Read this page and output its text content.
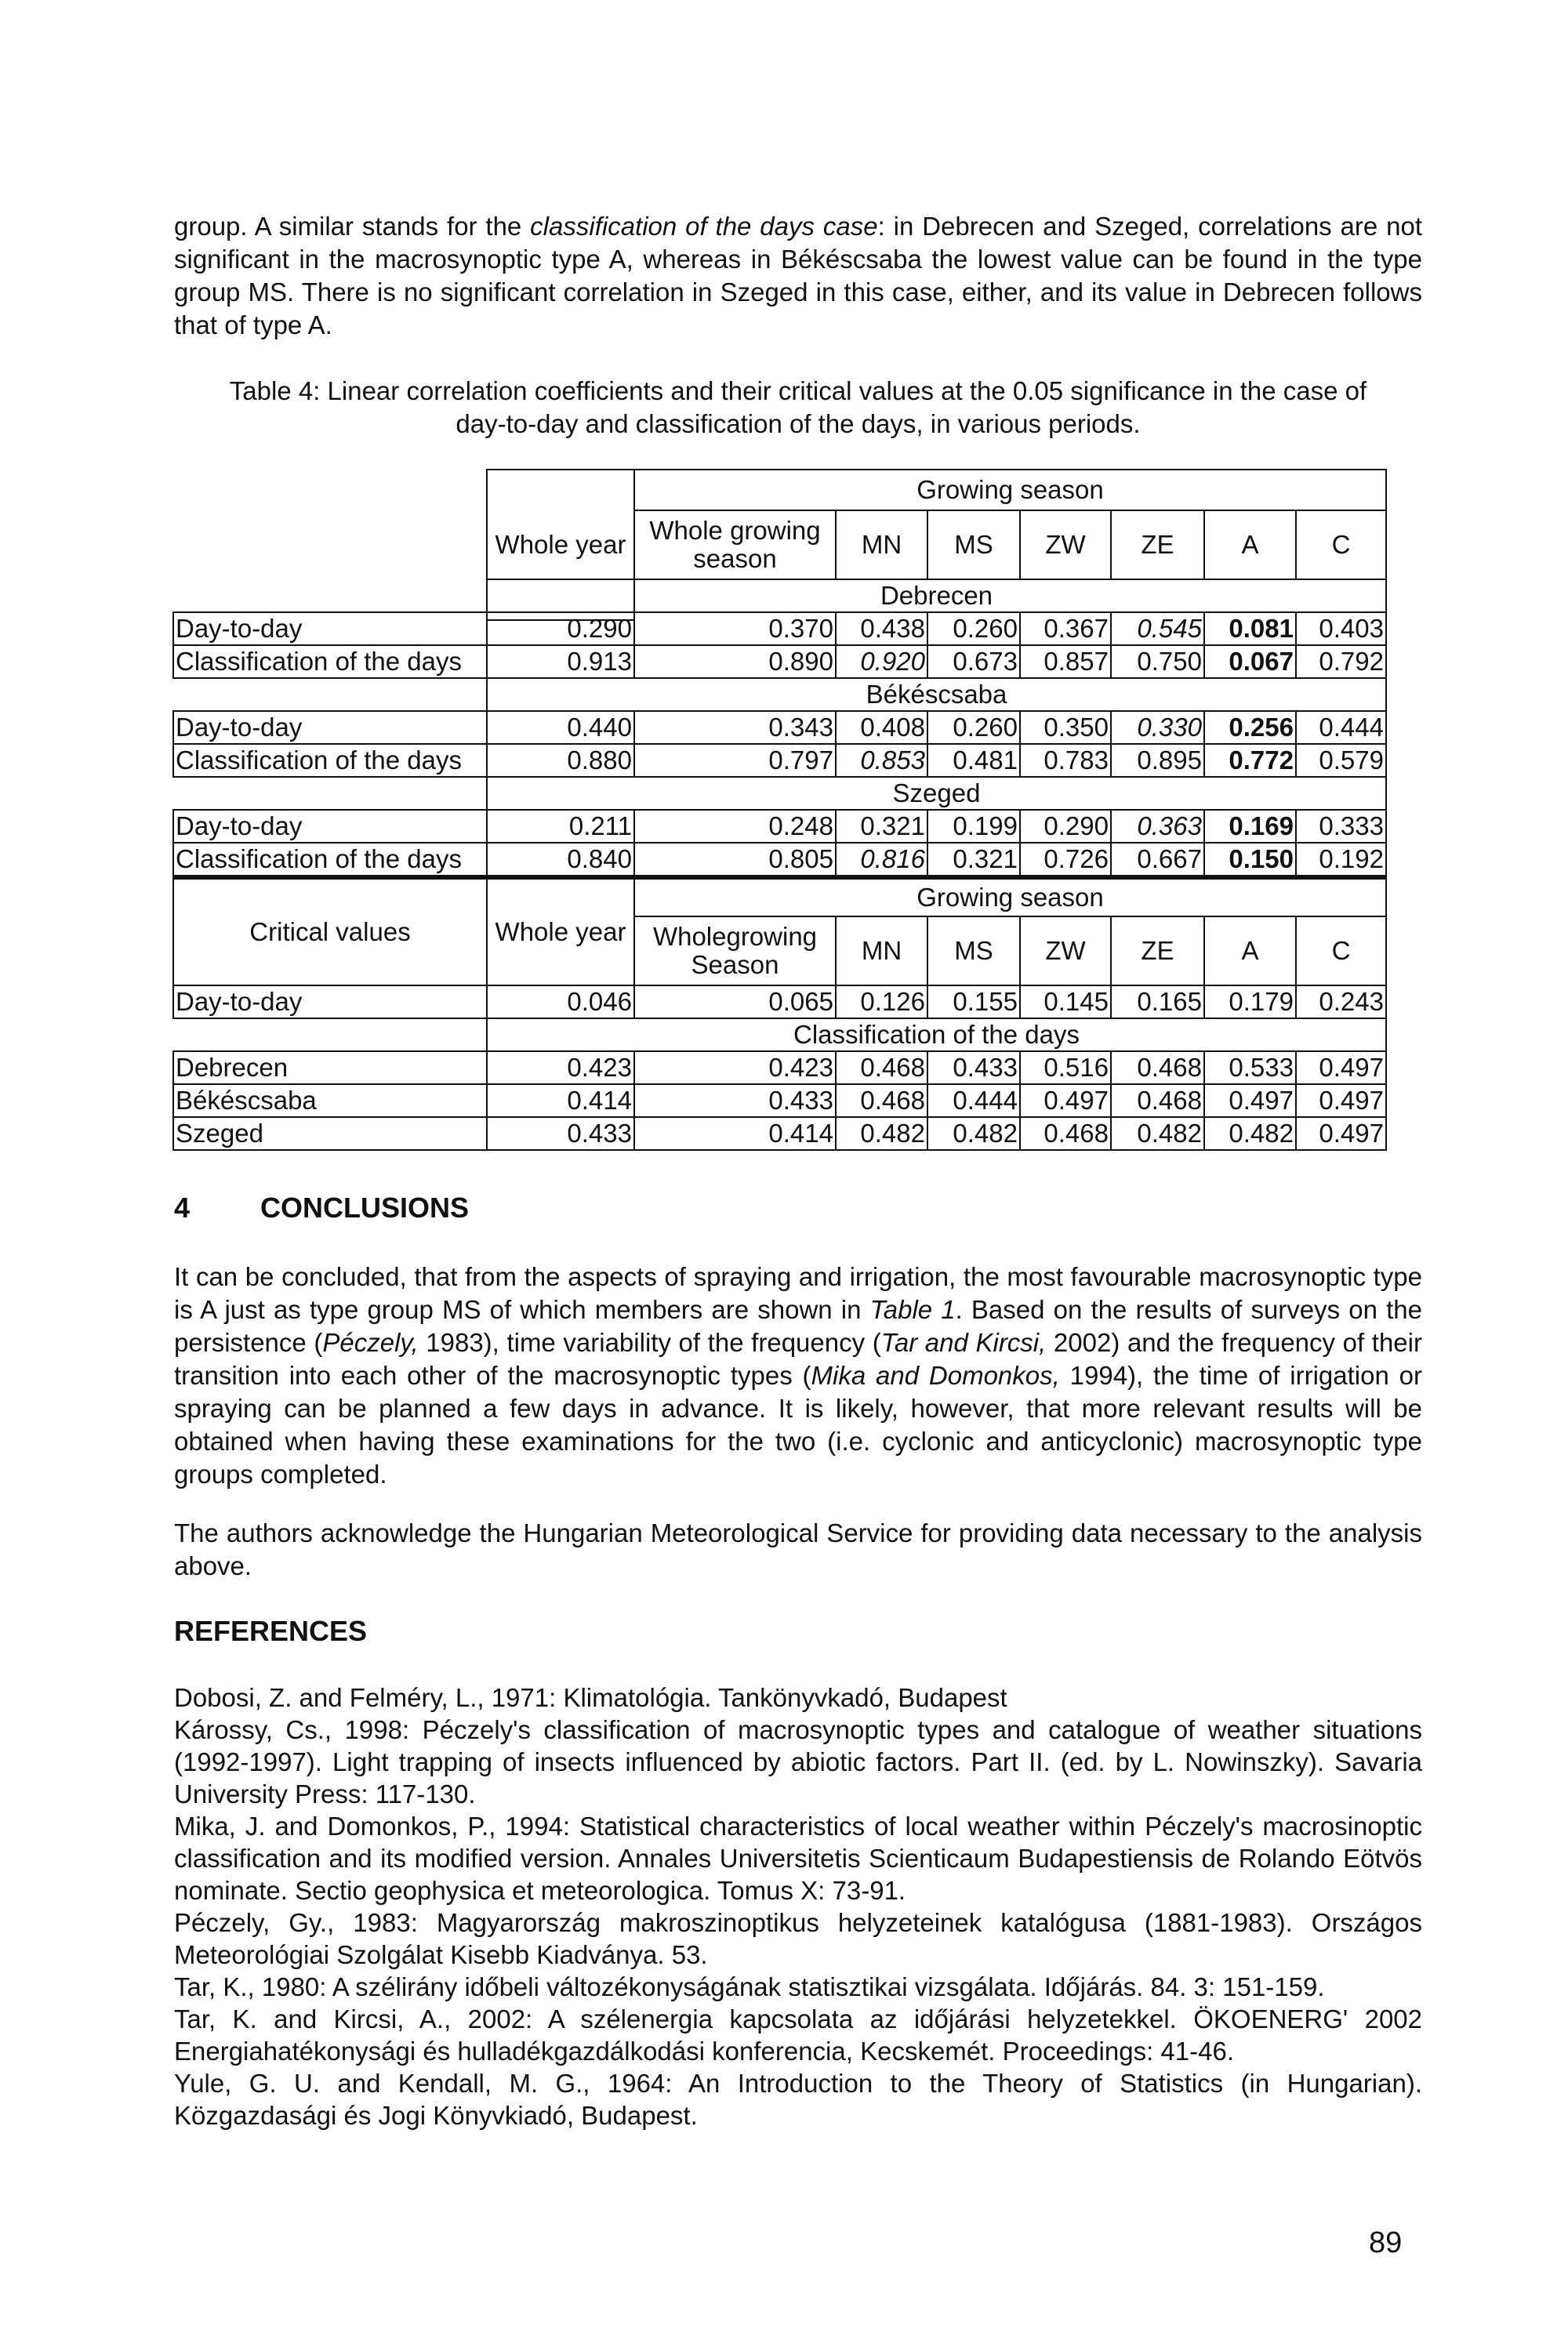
group. A similar stands for the classification of the days case: in Debrecen and Szeged, correlations are not significant in the macrosynoptic type A, whereas in Békéscsaba the lowest value can be found in the type group MS. There is no significant correlation in Szeged in this case, either, and its value in Debrecen follows that of type A.
Table 4: Linear correlation coefficients and their critical values at the 0.05 significance in the case of
day-to-day and classification of the days, in various periods.
Whole year
Growing season
Whole growing season	MN	MS	ZW	ZE	A	C
Debrecen
Day-to-day	0.290	0.370	0.438	0.260	0.367	0.545	0.081 0.403
Classification of the days	0.913	0.890	0.920	0.673	0.857	0.750	0.067 0.792
Békéscsaba
Day-to-day	0.440	0.343	0.408	0.260	0.350	0.330	0.256 0.444
Classification of the days	0.880	0.797	0.853	0.481	0.783	0.895	0.772 0.579
Szeged
Day-to-day	0.211	0.248	0.321	0.199	0.290	0.363	0.169 0.333
Classification of the days	0.840	0.805	0.816	0.321	0.726	0.667	0.150 0.192
Critical values	Whole year
Growing season
Wholegrowing Season	MN	MS	ZW	ZE	A	C
Day-to-day	0.046	0.065	0.126	0.155	0.145	0.165	0.179 0.243
Classification of the days
Debrecen	0.423	0.423	0.468	0.433	0.516	0.468	0.533 0.497
Békéscsaba	0.414	0.433	0.468	0.444	0.497	0.468	0.497 0.497
Szeged	0.433	0.414	0.482	0.482	0.468	0.482	0.482 0.497
4 CONCLUSIONS
It can be concluded, that from the aspects of spraying and irrigation, the most favourable macrosynoptic type is A just as type group MS of which members are shown in Table 1. Based on the results of surveys on the persistence (Péczely, 1983), time variability of the frequency (Tar and Kircsi, 2002) and the frequency of their transition into each other of the macrosynoptic types (Mika and Domonkos, 1994), the time of irrigation or spraying can be planned a few days in advance. It is likely, however, that more relevant results will be obtained when having these examinations for the two (i.e. cyclonic and anticyclonic) macrosynoptic type groups completed.
The authors acknowledge the Hungarian Meteorological Service for providing data necessary to the analysis above.
REFERENCES
Dobosi, Z. and Felméry, L., 1971: Klimatológia. Tankönyvkadó, Budapest
Károssy, Cs., 1998: Péczely's classification of macrosynoptic types and catalogue of weather situations (1992-1997). Light trapping of insects influenced by abiotic factors. Part II. (ed. by L. Nowinszky). Savaria University Press: 117-130.
Mika, J. and Domonkos, P., 1994: Statistical characteristics of local weather within Péczely's macrosinoptic classification and its modified version. Annales Universitetis Scienticaum Budapestiensis de Rolando Eötvös nominate. Sectio geophysica et meteorologica. Tomus X: 73-91.
Péczely, Gy., 1983: Magyarország makroszinoptikus helyzeteinek katalógusa (1881-1983). Országos Meteorológiai Szolgálat Kisebb Kiadványa. 53.
Tar, K., 1980: A szélirány időbeli változékonyságának statisztikai vizsgálata. Időjárás. 84. 3: 151-159.
Tar, K. and Kircsi, A., 2002: A szélenergia kapcsolata az időjárási helyzetekkel. ÖKOENERG' 2002 Energiahatékonysági és hulladékgazdálkodási konferencia, Kecskemét. Proceedings: 41-46.
Yule, G. U. and Kendall, M. G., 1964: An Introduction to the Theory of Statistics (in Hungarian). Közgazdasági és Jogi Könyvkiadó, Budapest.
89
